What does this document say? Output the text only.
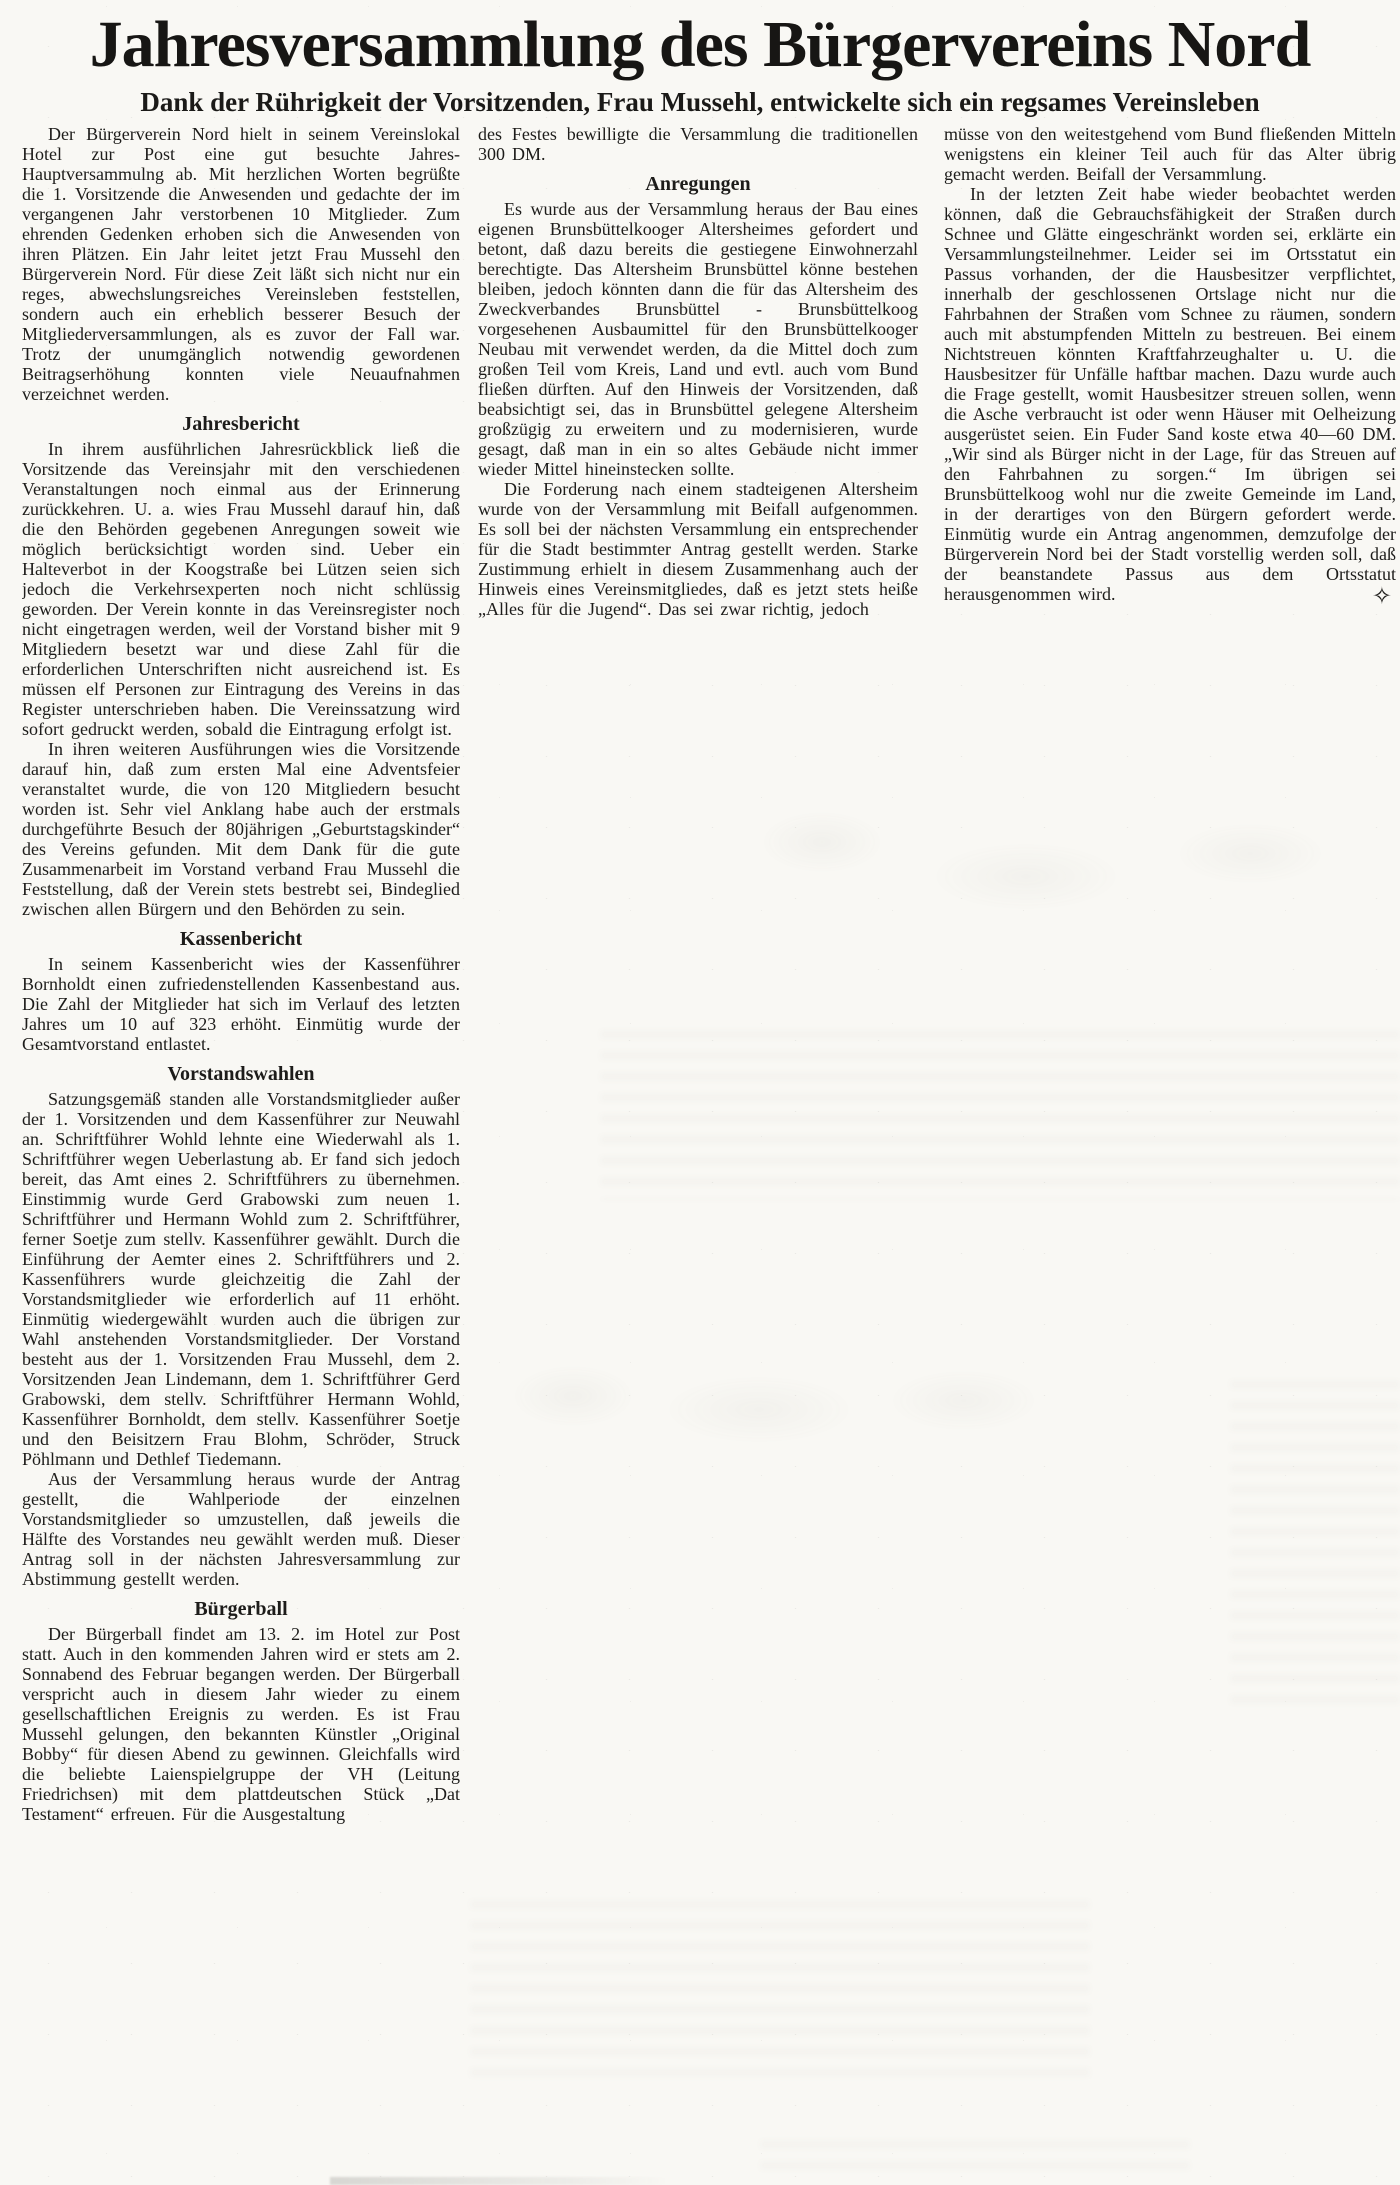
Jahresversammlung des Bürgervereins Nord
Dank der Rührigkeit der Vorsitzenden, Frau Mussehl, entwickelte sich ein regsames Vereinsleben

Der Bürgerverein Nord hielt in seinem Vereinslokal Hotel zur Post eine gut besuchte Jahres-Hauptversammulng ab. Mit herzlichen Worten begrüßte die 1. Vorsitzende die Anwesenden und gedachte der im vergangenen Jahr verstorbenen 10 Mitglieder. Zum ehrenden Gedenken erhoben sich die Anwesenden von ihren Plätzen. Ein Jahr leitet jetzt Frau Mussehl den Bürgerverein Nord. Für diese Zeit läßt sich nicht nur ein reges, abwechslungsreiches Vereinsleben feststellen, sondern auch ein erheblich besserer Besuch der Mitgliederversammlungen, als es zuvor der Fall war. Trotz der unumgänglich notwendig gewordenen Beitragserhöhung konnten viele Neuaufnahmen verzeichnet werden.

Jahresbericht

In ihrem ausführlichen Jahresrückblick ließ die Vorsitzende das Vereinsjahr mit den verschiedenen Veranstaltungen noch einmal aus der Erinnerung zurückkehren. U. a. wies Frau Mussehl darauf hin, daß die den Behörden gegebenen Anregungen soweit wie möglich berücksichtigt worden sind. Ueber ein Halteverbot in der Koogstraße bei Lützen seien sich jedoch die Verkehrsexperten noch nicht schlüssig geworden. Der Verein konnte in das Vereinsregister noch nicht eingetragen werden, weil der Vorstand bisher mit 9 Mitgliedern besetzt war und diese Zahl für die erforderlichen Unterschriften nicht ausreichend ist. Es müssen elf Personen zur Eintragung des Vereins in das Register unterschrieben haben. Die Vereinssatzung wird sofort gedruckt werden, sobald die Eintragung erfolgt ist.

In ihren weiteren Ausführungen wies die Vorsitzende darauf hin, daß zum ersten Mal eine Adventsfeier veranstaltet wurde, die von 120 Mitgliedern besucht worden ist. Sehr viel Anklang habe auch der erstmals durchgeführte Besuch der 80jährigen „Geburtstagskinder“ des Vereins gefunden. Mit dem Dank für die gute Zusammenarbeit im Vorstand verband Frau Mussehl die Feststellung, daß der Verein stets bestrebt sei, Bindeglied zwischen allen Bürgern und den Behörden zu sein.

Kassenbericht

In seinem Kassenbericht wies der Kassenführer Bornholdt einen zufriedenstellenden Kassenbestand aus. Die Zahl der Mitglieder hat sich im Verlauf des letzten Jahres um 10 auf 323 erhöht. Einmütig wurde der Gesamtvorstand entlastet.

Vorstandswahlen

Satzungsgemäß standen alle Vorstandsmitglieder außer der 1. Vorsitzenden und dem Kassenführer zur Neuwahl an. Schriftführer Wohld lehnte eine Wiederwahl als 1. Schriftführer wegen Ueberlastung ab. Er fand sich jedoch bereit, das Amt eines 2. Schriftführers zu übernehmen. Einstimmig wurde Gerd Grabowski zum neuen 1. Schriftführer und Hermann Wohld zum 2. Schriftführer, ferner Soetje zum stellv. Kassenführer gewählt. Durch die Einführung der Aemter eines 2. Schriftführers und 2. Kassenführers wurde gleichzeitig die Zahl der Vorstandsmitglieder wie erforderlich auf 11 erhöht. Einmütig wiedergewählt wurden auch die übrigen zur Wahl anstehenden Vorstandsmitglieder. Der Vorstand besteht aus der 1. Vorsitzenden Frau Mussehl, dem 2. Vorsitzenden Jean Lindemann, dem 1. Schriftführer Gerd Grabowski, dem stellv. Schriftführer Hermann Wohld, Kassenführer Bornholdt, dem stellv. Kassenführer Soetje und den Beisitzern Frau Blohm, Schröder, Struck Pöhlmann und Dethlef Tiedemann.

Aus der Versammlung heraus wurde der Antrag gestellt, die Wahlperiode der einzelnen Vorstandsmitglieder so umzustellen, daß jeweils die Hälfte des Vorstandes neu gewählt werden muß. Dieser Antrag soll in der nächsten Jahresversammlung zur Abstimmung gestellt werden.

Bürgerball

Der Bürgerball findet am 13. 2. im Hotel zur Post statt. Auch in den kommenden Jahren wird er stets am 2. Sonnabend des Februar begangen werden. Der Bürgerball verspricht auch in diesem Jahr wieder zu einem gesellschaftlichen Ereignis zu werden. Es ist Frau Mussehl gelungen, den bekannten Künstler „Original Bobby“ für diesen Abend zu gewinnen. Gleichfalls wird die beliebte Laienspielgruppe der VH (Leitung Friedrichsen) mit dem plattdeutschen Stück „Dat Testament“ erfreuen. Für die Ausgestaltung

des Festes bewilligte die Versammlung die traditionellen 300 DM.

Anregungen

Es wurde aus der Versammlung heraus der Bau eines eigenen Brunsbüttelkooger Altersheimes gefordert und betont, daß dazu bereits die gestiegene Einwohnerzahl berechtigte. Das Altersheim Brunsbüttel könne bestehen bleiben, jedoch könnten dann die für das Altersheim des Zweckverbandes Brunsbüttel - Brunsbüttelkoog vorgesehenen Ausbaumittel für den Brunsbüttelkooger Neubau mit verwendet werden, da die Mittel doch zum großen Teil vom Kreis, Land und evtl. auch vom Bund fließen dürften. Auf den Hinweis der Vorsitzenden, daß beabsichtigt sei, das in Brunsbüttel gelegene Altersheim großzügig zu erweitern und zu modernisieren, wurde gesagt, daß man in ein so altes Gebäude nicht immer wieder Mittel hineinstecken sollte.

Die Forderung nach einem stadteigenen Altersheim wurde von der Versammlung mit Beifall aufgenommen. Es soll bei der nächsten Versammlung ein entsprechender für die Stadt bestimmter Antrag gestellt werden. Starke Zustimmung erhielt in diesem Zusammenhang auch der Hinweis eines Vereinsmitgliedes, daß es jetzt stets heiße „Alles für die Jugend“. Das sei zwar richtig, jedoch

müsse von den weitestgehend vom Bund fließenden Mitteln wenigstens ein kleiner Teil auch für das Alter übrig gemacht werden. Beifall der Versammlung.

In der letzten Zeit habe wieder beobachtet werden können, daß die Gebrauchsfähigkeit der Straßen durch Schnee und Glätte eingeschränkt worden sei, erklärte ein Versammlungsteilnehmer. Leider sei im Ortsstatut ein Passus vorhanden, der die Hausbesitzer verpflichtet, innerhalb der geschlossenen Ortslage nicht nur die Fahrbahnen der Straßen vom Schnee zu räumen, sondern auch mit abstumpfenden Mitteln zu bestreuen. Bei einem Nichtstreuen könnten Kraftfahrzeughalter u. U. die Hausbesitzer für Unfälle haftbar machen. Dazu wurde auch die Frage gestellt, womit Hausbesitzer streuen sollen, wenn die Asche verbraucht ist oder wenn Häuser mit Oelheizung ausgerüstet seien. Ein Fuder Sand koste etwa 40—60 DM. „Wir sind als Bürger nicht in der Lage, für das Streuen auf den Fahrbahnen zu sorgen.“ Im übrigen sei Brunsbüttelkoog wohl nur die zweite Gemeinde im Land, in der derartiges von den Bürgern gefordert werde. Einmütig wurde ein Antrag angenommen, demzufolge der Bürgerverein Nord bei der Stadt vorstellig werden soll, daß der beanstandete Passus aus dem Ortsstatut herausgenommen wird.	✧
